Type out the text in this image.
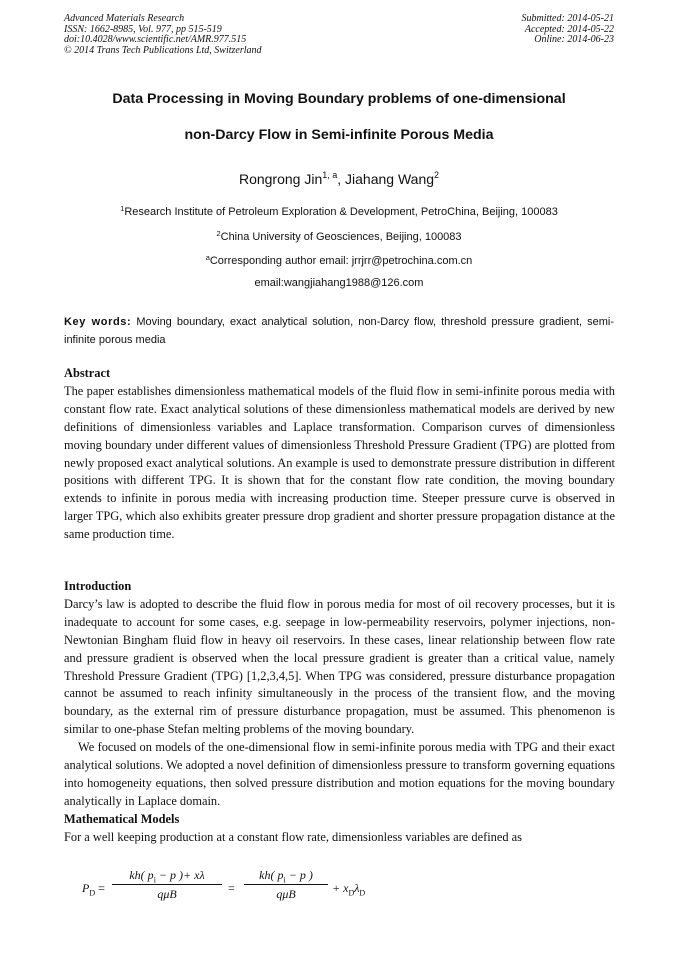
Advanced Materials Research
ISSN: 1662-8985, Vol. 977, pp 515-519
doi:10.4028/www.scientific.net/AMR.977.515
© 2014 Trans Tech Publications Ltd, Switzerland
Submitted: 2014-05-21
Accepted: 2014-05-22
Online: 2014-06-23
Data Processing in Moving Boundary problems of one-dimensional
non-Darcy Flow in Semi-infinite Porous Media
Rongrong Jin$^{1, a}$, Jiahang Wang$^2$
$^1$Research Institute of Petroleum Exploration & Development, PetroChina, Beijing, 100083
$^2$China University of Geosciences, Beijing, 100083
$^a$Corresponding author email: jrrjrr@petrochina.com.cn
email:wangjiahang1988@126.com
Key words: Moving boundary, exact analytical solution, non-Darcy flow, threshold pressure gradient, semi-infinite porous media
Abstract

The paper establishes dimensionless mathematical models of the fluid flow in semi-infinite porous media with constant flow rate. Exact analytical solutions of these dimensionless mathematical models are derived by new definitions of dimensionless variables and Laplace transformation. Comparison curves of dimensionless moving boundary under different values of dimensionless Threshold Pressure Gradient (TPG) are plotted from newly proposed exact analytical solutions. An example is used to demonstrate pressure distribution in different positions with different TPG. It is shown that for the constant flow rate condition, the moving boundary extends to infinite in porous media with increasing production time. Steeper pressure curve is observed in larger TPG, which also exhibits greater pressure drop gradient and shorter pressure propagation distance at the same production time.

Introduction

Darcy’s law is adopted to describe the fluid flow in porous media for most of oil recovery processes, but it is inadequate to account for some cases, e.g. seepage in low-permeability reservoirs, polymer injections, non-Newtonian Bingham fluid flow in heavy oil reservoirs. In these cases, linear relationship between flow rate and pressure gradient is observed when the local pressure gradient is greater than a critical value, namely Threshold Pressure Gradient (TPG) [1,2,3,4,5]. When TPG was considered, pressure disturbance propagation cannot be assumed to reach infinity simultaneously in the process of the transient flow, and the moving boundary, as the external rim of pressure disturbance propagation, must be assumed. This phenomenon is similar to one-phase Stefan melting problems of the moving boundary.

We focused on models of the one-dimensional flow in semi-infinite porous media with TPG and their exact analytical solutions. We adopted a novel definition of dimensionless pressure to transform governing equations into homogeneity equations, then solved pressure distribution and motion equations for the moving boundary analytically in Laplace domain.

Mathematical Models

For a well keeping production at a constant flow rate, dimensionless variables are defined as

$P_D$ =
kh( $p_i - p$ )+ xλ
qμB	=
kh( $p_i - p$ )
qμB	+ $x_D\lambda_D$
